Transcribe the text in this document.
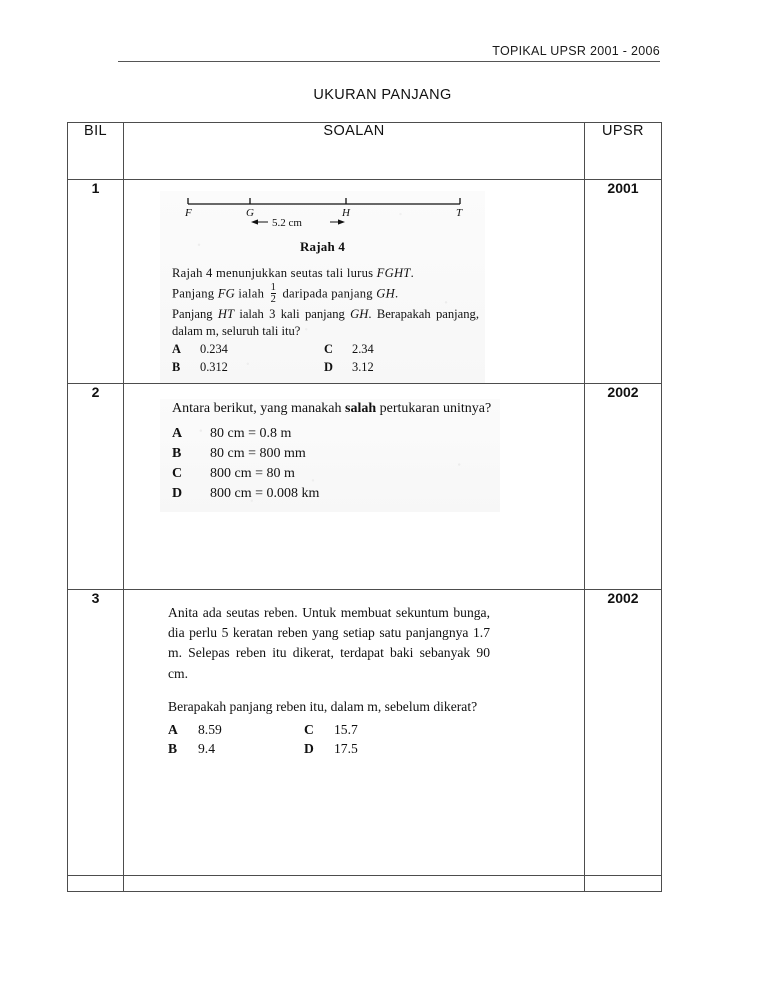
TOPIKAL UPSR 2001 - 2006
UKURAN PANJANG
BIL	SOALAN	UPSR
1	
F	G	H	T
5.2 cm
Rajah 4

Rajah 4 menunjukkan seutas tali lurus FGHT.

Panjang FG ialah $\frac{1}{2}$ daripada panjang GH.

Panjang HT ialah 3 kali panjang GH. Berapakah panjang, dalam m, seluruh tali itu?

A	0.234	C	2.34
B	0.312	D	3.12
	2001
2	

Antara berikut, yang manakah salah pertukaran unitnya?

A	80 cm = 0.8 m
B	80 cm = 800 mm
C	800 cm = 80 m
D	800 cm = 0.008 km
	2002
3	

Anita ada seutas reben. Untuk membuat sekuntum bunga, dia perlu 5 keratan reben yang setiap satu panjangnya 1.7 m. Selepas reben itu dikerat, terdapat baki sebanyak 90 cm.

Berapakah panjang reben itu, dalam m, sebelum dikerat?

A	8.59	C	15.7
B	9.4	D	17.5
	2002
